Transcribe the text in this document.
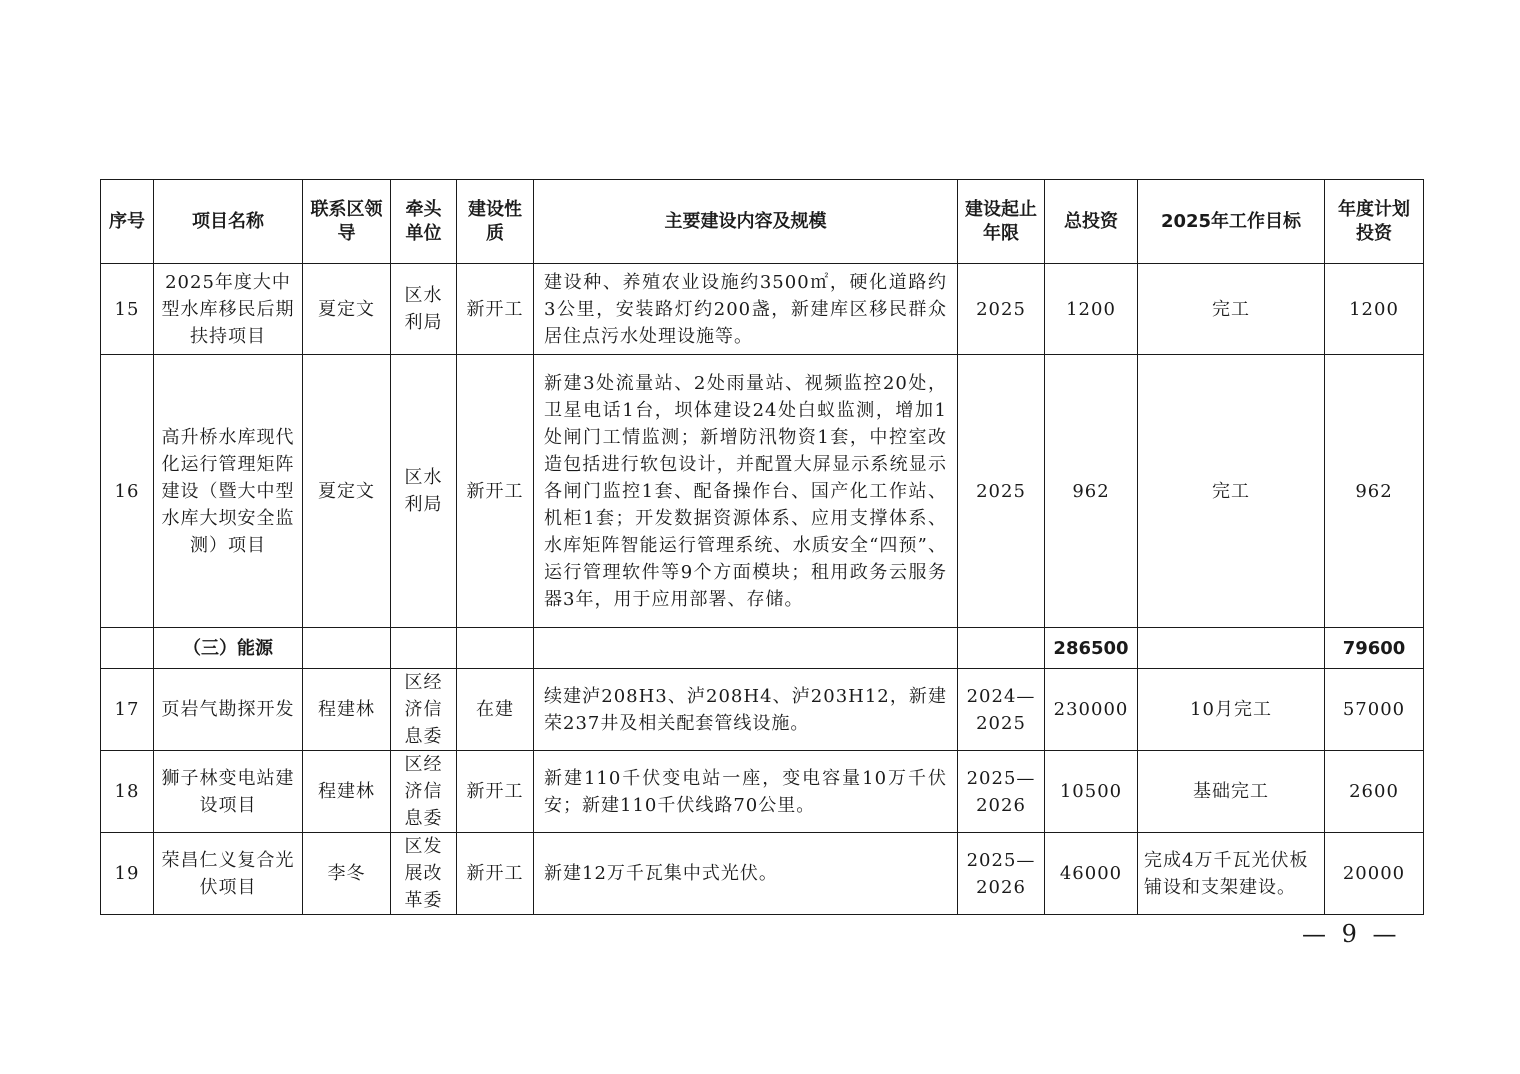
序号	项目名称	联系区领导	牵头单位	建设性质	主要建设内容及规模	建设起止年限	总投资	2025年工作目标	年度计划投资
15	2025年度大中型水库移民后期扶持项目	夏定文	区水利局	新开工	建设种、养殖农业设施约3500㎡，硬化道路约3公里，安装路灯约200盏，新建库区移民群众居住点污水处理设施等。	2025	1200	完工	1200
16	高升桥水库现代化运行管理矩阵建设（暨大中型水库大坝安全监测）项目	夏定文	区水利局	新开工	新建3处流量站、2处雨量站、视频监控20处，卫星电话1台，坝体建设24处白蚁监测，增加1处闸门工情监测；新增防汛物资1套，中控室改造包括进行软包设计，并配置大屏显示系统显示各闸门监控1套、配备操作台、国产化工作站、机柜1套；开发数据资源体系、应用支撑体系、水库矩阵智能运行管理系统、水质安全“四预”、运行管理软件等9个方面模块；租用政务云服务器3年，用于应用部署、存储。	2025	962	完工	962
	（三）能源						286500		79600
17	页岩气勘探开发	程建林	区经济信息委	在建	续建泸208H3、泸208H4、泸203H12，新建荣237井及相关配套管线设施。	2024—2025	230000	10月完工	57000
18	狮子林变电站建设项目	程建林	区经济信息委	新开工	新建110千伏变电站一座，变电容量10万千伏安；新建110千伏线路70公里。	2025—2026	10500	基础完工	2600
19	荣昌仁义复合光伏项目	李冬	区发展改革委	新开工	新建12万千瓦集中式光伏。	2025—2026	46000	完成4万千瓦光伏板铺设和支架建设。	20000
— 9 —
